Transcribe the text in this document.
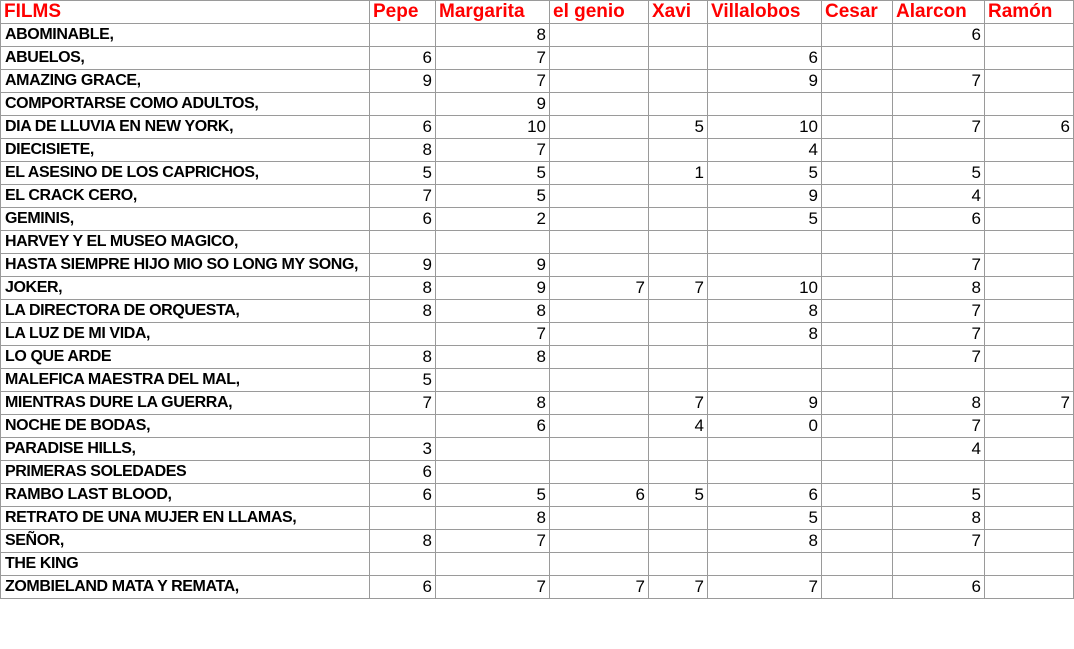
FILMS	Pepe	Margarita	el genio	Xavi	Villalobos	Cesar	Alarcon	Ramón
ABOMINABLE,		8					6	
ABUELOS,	6	7			6			
AMAZING GRACE,	9	7			9		7	
COMPORTARSE COMO ADULTOS,		9						
DIA DE LLUVIA EN NEW YORK,	6	10		5	10		7	6
DIECISIETE,	8	7			4			
EL ASESINO DE LOS CAPRICHOS,	5	5		1	5		5	
EL CRACK CERO,	7	5			9		4	
GEMINIS,	6	2			5		6	
HARVEY Y EL MUSEO MAGICO,								
HASTA SIEMPRE HIJO MIO SO LONG MY SONG,	9	9					7	
JOKER,	8	9	7	7	10		8	
LA DIRECTORA DE ORQUESTA,	8	8			8		7	
LA LUZ DE MI VIDA,		7			8		7	
LO QUE ARDE	8	8					7	
MALEFICA MAESTRA DEL MAL,	5							
MIENTRAS DURE LA GUERRA,	7	8		7	9		8	7
NOCHE DE BODAS,		6		4	0		7	
PARADISE HILLS,	3						4	
PRIMERAS SOLEDADES	6							
RAMBO LAST BLOOD,	6	5	6	5	6		5	
RETRATO DE UNA MUJER EN LLAMAS,		8			5		8	
SEÑOR,	8	7			8		7	
THE KING								
ZOMBIELAND MATA Y REMATA,	6	7	7	7	7		6	
